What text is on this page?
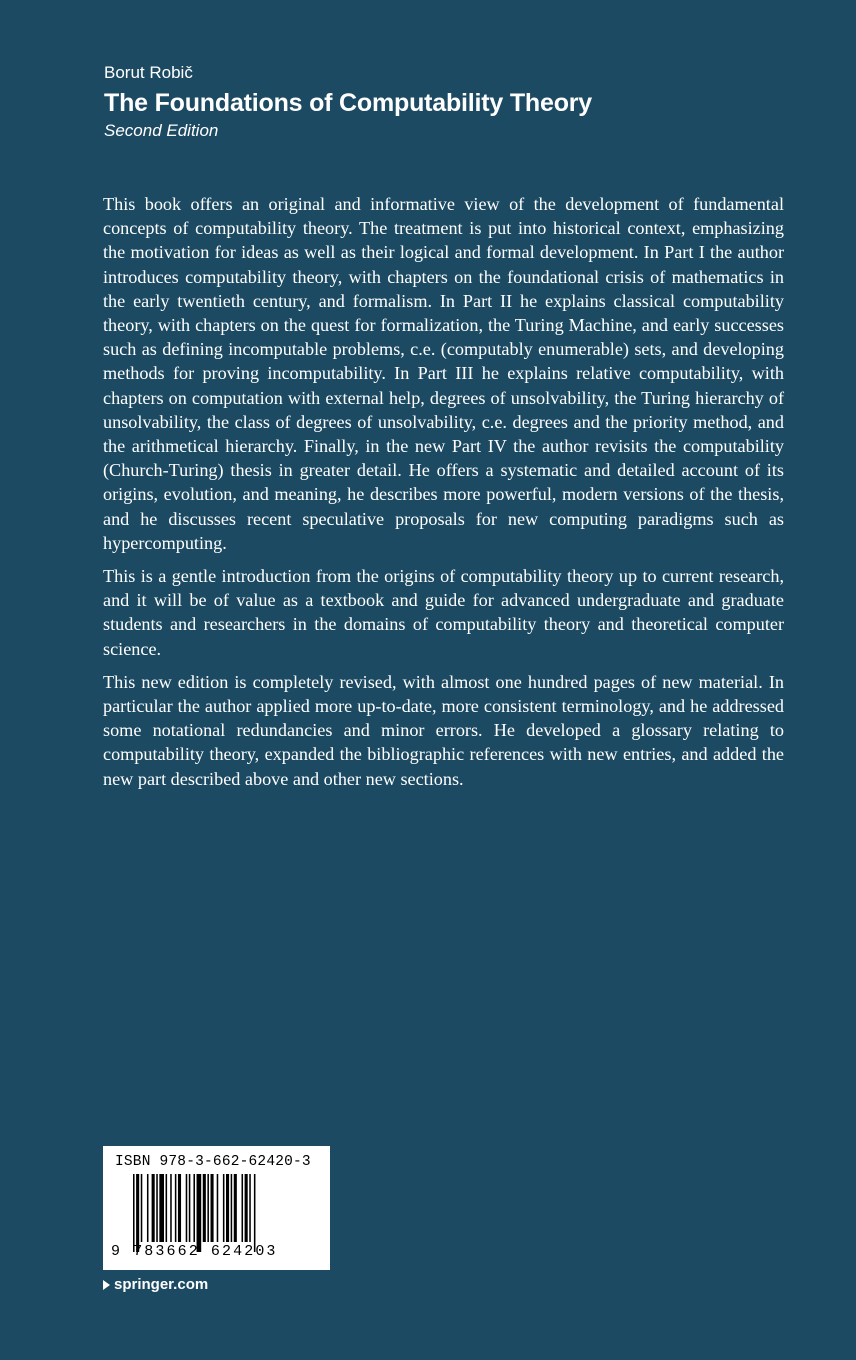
Borut Robič
The Foundations of Computability Theory
Second Edition

This book offers an original and informative view of the development of fundamental concepts of computability theory. The treatment is put into historical context, emphasizing the motivation for ideas as well as their logical and formal development. In Part I the author introduces computability theory, with chapters on the foundational crisis of mathematics in the early twentieth century, and formalism. In Part II he explains classical computability theory, with chapters on the quest for formalization, the Turing Machine, and early successes such as defining incomputable problems, c.e. (computably enumerable) sets, and developing methods for proving incomputability. In Part III he explains relative computability, with chapters on computation with external help, degrees of unsolvability, the Turing hierarchy of unsolvability, the class of degrees of unsolvability, c.e. degrees and the priority method, and the arithmetical hierarchy. Finally, in the new Part IV the author revisits the computability (Church-Turing) thesis in greater detail. He offers a systematic and detailed account of its origins, evolution, and meaning, he describes more powerful, modern versions of the thesis, and he discusses recent speculative proposals for new computing paradigms such as hypercomputing.

This is a gentle introduction from the origins of computability theory up to current research, and it will be of value as a textbook and guide for advanced undergraduate and graduate students and researchers in the domains of computability theory and theoretical computer science.

This new edition is completely revised, with almost one hundred pages of new material. In particular the author applied more up-to-date, more consistent terminology, and he addressed some notational redundancies and minor errors. He developed a glossary relating to computability theory, expanded the bibliographic references with new entries, and added the new part described above and other new sections.

ISBN 978-3-662-62420-3
9 783662 624203
springer.com
